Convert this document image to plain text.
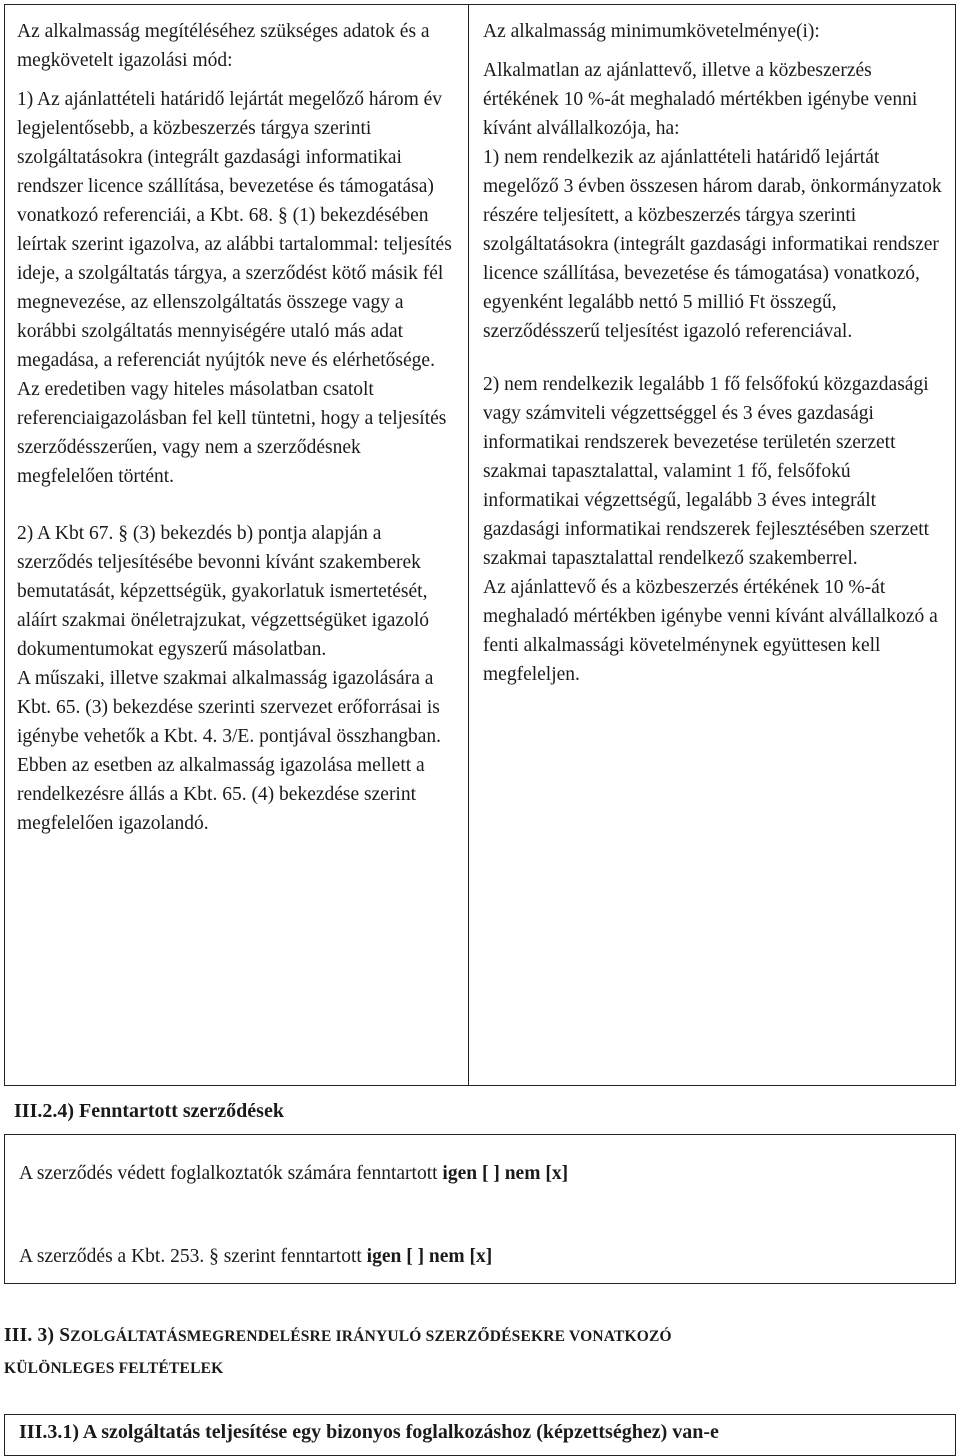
Az alkalmasság megítéléséhez szükséges adatok és a megkövetelt igazolási mód:

1) Az ajánlattételi határidő lejártát megelőző három év legjelentősebb, a közbeszerzés tárgya szerinti szolgáltatásokra (integrált gazdasági informatikai rendszer licence szállítása, bevezetése és támogatása) vonatkozó referenciái, a Kbt. 68. § (1) bekezdésében leírtak szerint igazolva, az alábbi tartalommal: teljesítés ideje, a szolgáltatás tárgya, a szerződést kötő másik fél megnevezése, az ellenszolgáltatás összege vagy a korábbi szolgáltatás mennyiségére utaló más adat megadása, a referenciát nyújtók neve és elérhetősége. Az eredetiben vagy hiteles másolatban csatolt referenciaigazolásban fel kell tüntetni, hogy a teljesítés szerződésszerűen, vagy nem a szerződésnek megfelelően történt.

2) A Kbt 67. § (3) bekezdés b) pontja alapján a szerződés teljesítésébe bevonni kívánt szakemberek bemutatását, képzettségük, gyakorlatuk ismertetését, aláírt szakmai önéletrajzukat, végzettségüket igazoló dokumentumokat egyszerű másolatban.

A műszaki, illetve szakmai alkalmasság igazolására a Kbt. 65. (3) bekezdése szerinti szervezet erőforrásai is igénybe vehetők a Kbt. 4. 3/E. pontjával összhangban. Ebben az esetben az alkalmasság igazolása mellett a rendelkezésre állás a Kbt. 65. (4) bekezdése szerint megfelelően igazolandó.

Az alkalmasság minimumkövetelménye(i):

Alkalmatlan az ajánlattevő, illetve a közbeszerzés értékének 10 %-át meghaladó mértékben igénybe venni kívánt alvállalkozója, ha:

1) nem rendelkezik az ajánlattételi határidő lejártát megelőző 3 évben összesen három darab, önkormányzatok részére teljesített, a közbeszerzés tárgya szerinti szolgáltatásokra (integrált gazdasági informatikai rendszer licence szállítása, bevezetése és támogatása) vonatkozó, egyenként legalább nettó 5 millió Ft összegű, szerződésszerű teljesítést igazoló referenciával.

2) nem rendelkezik legalább 1 fő felsőfokú közgazdasági vagy számviteli végzettséggel és 3 éves gazdasági informatikai rendszerek bevezetése területén szerzett szakmai tapasztalattal, valamint 1 fő, felsőfokú informatikai végzettségű, legalább 3 éves integrált gazdasági informatikai rendszerek fejlesztésében szerzett szakmai tapasztalattal rendelkező szakemberrel.

Az ajánlattevő és a közbeszerzés értékének 10 %-át meghaladó mértékben igénybe venni kívánt alvállalkozó a fenti alkalmassági követelménynek együttesen kell megfeleljen.

III.2.4) Fenntartott szerződések
A szerződés védett foglalkoztatók számára fenntartott igen [ ] nem [x]
A szerződés a Kbt. 253. § szerint fenntartott igen [ ] nem [x]
III. 3) SZOLGÁLTATÁSMEGRENDELÉSRE IRÁNYULÓ SZERZŐDÉSEKRE VONATKOZÓ
KÜLÖNLEGES FELTÉTELEK
III.3.1) A szolgáltatás teljesítése egy bizonyos foglalkozáshoz (képzettséghez) van-e
